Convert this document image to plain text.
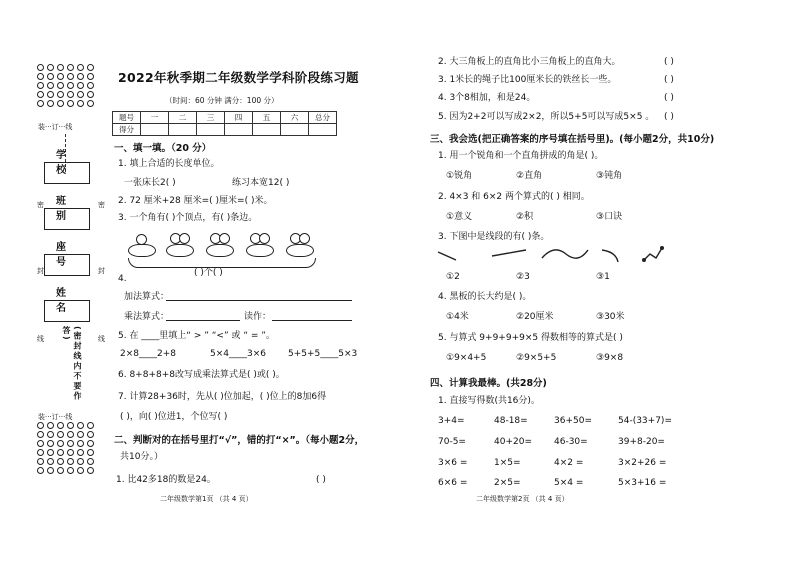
装···订···线
学 校
班 别
座 号
姓 名
(密封线内不要作答)
装···订···线
密
封
线
密
封
线
2022年秋季期二年级数学学科阶段练习题
（时间：60 分钟 满分：100 分）
题号	一	二	三	四	五	六	总分
得分							
一、填一填。（20 分）
1. 填上合适的长度单位。
一张床长2( )	练习本宽12( )
2. 72 厘米+28 厘米=( )厘米=( )米。
3. 一个角有( )个顶点，有( )条边。
( )个( )
4.
加法算式：
乘法算式：	读作：
5. 在 ____里填上“ > ” “<” 或 “ = ”。
2×8____2+8	5×4____3×6 5+5+5____5×3
6. 8+8+8+8改写成乘法算式是( )或( )。
7. 计算28+36时，先从( )位加起，( )位上的8加6得
( )，向( )位进1，个位写( )
二、判断对的在括号里打“√”，错的打“×”。（每小题2分，
共10分。）
1. 比42多18的数是24。	( )
二年级数学第1页 （共 4 页）
2. 大三角板上的直角比小三角板上的直角大。	( )
3. 1米长的绳子比100厘米长的铁丝长一些。	( )
4. 3个8相加，和是24。	( )
5. 因为2+2可以写成2×2，所以5+5可以写成5×5 。 ( )
三、我会选(把正确答案的序号填在括号里)。(每小题2分，共10分)
1. 用一个锐角和一个直角拼成的角是( )。
①锐角	②直角	③钝角
2. 4×3 和 6×2 两个算式的( ) 相同。
①意义	②积	③口诀
3. 下图中是线段的有( )条。
①2	②3	③1
4. 黑板的长大约是( )。
①4米	②20厘米	③30米
5. 与算式 9+9+9+9×5 得数相等的算式是( )
①9×4+5	②9×5+5	③9×8
四、计算我最棒。(共28分)
1. 直接写得数(共16分)。
3+4=	48-18=	36+50=	54-(33+7)=
70-5=	40+20= 46-30=	39+8-20=
3×6 =	1×5=	4×2 =	3×2+26 =
6×6 =	2×5=	5×4 =	5×3+16 =
二年级数学第2页 （共 4 页）
